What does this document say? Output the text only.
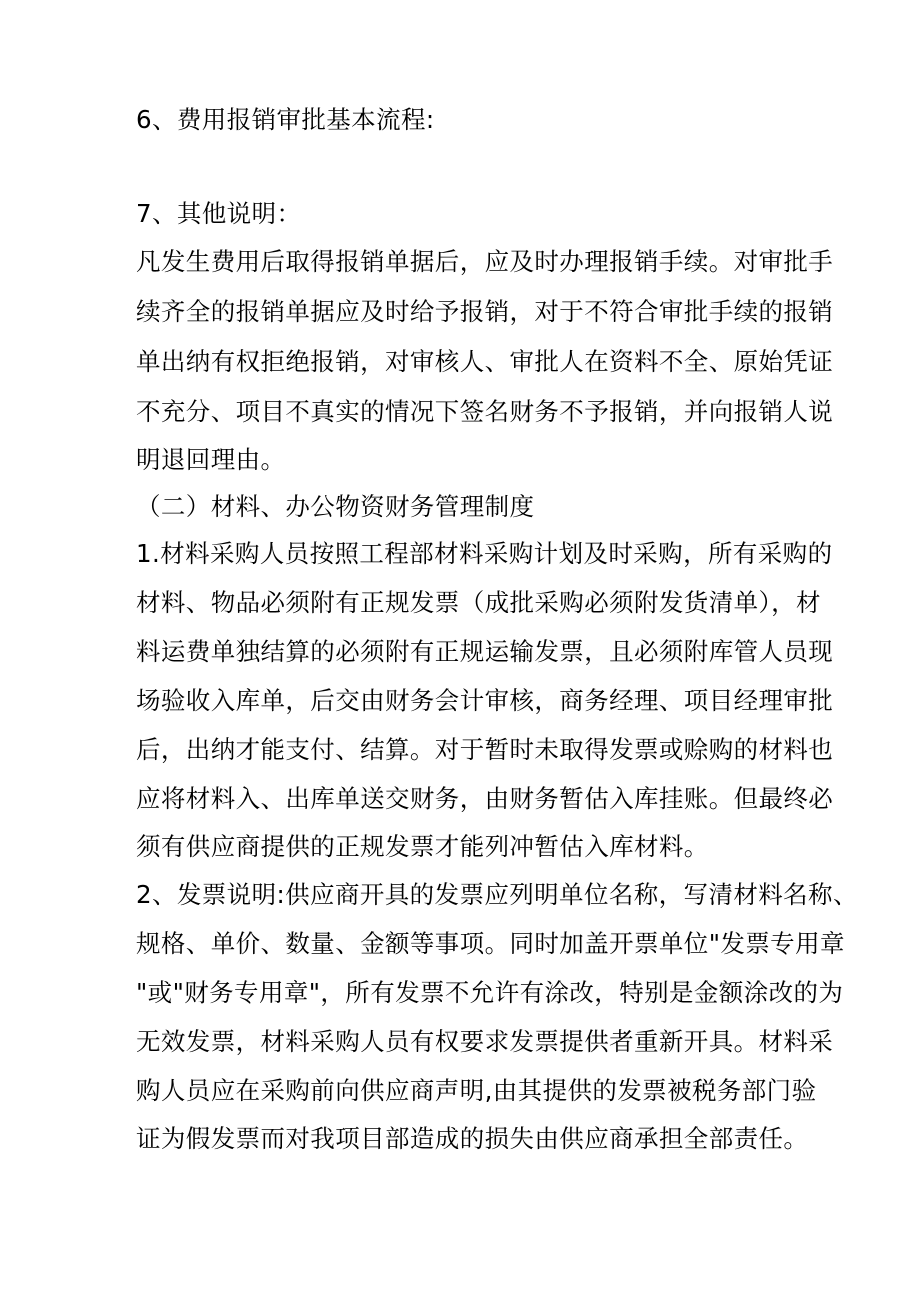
6、费用报销审批基本流程:
7、其他说明：
凡发生费用后取得报销单据后，应及时办理报销手续。对审批手
续齐全的报销单据应及时给予报销，对于不符合审批手续的报销
单出纳有权拒绝报销，对审核人、审批人在资料不全、原始凭证
不充分、项目不真实的情况下签名财务不予报销，并向报销人说
明退回理由。
（二）材料、办公物资财务管理制度
1.材料采购人员按照工程部材料采购计划及时采购，所有采购的
材料、物品必须附有正规发票（成批采购必须附发货清单），材
料运费单独结算的必须附有正规运输发票，且必须附库管人员现
场验收入库单，后交由财务会计审核，商务经理、项目经理审批
后，出纳才能支付、结算。对于暂时未取得发票或赊购的材料也
应将材料入、出库单送交财务，由财务暂估入库挂账。但最终必
须有供应商提供的正规发票才能列冲暂估入库材料。
2、发票说明:供应商开具的发票应列明单位名称，写清材料名称、
规格、单价、数量、金额等事项。同时加盖开票单位"发票专用章
"或"财务专用章"，所有发票不允许有涂改，特别是金额涂改的为
无效发票，材料采购人员有权要求发票提供者重新开具。材料采
购人员应在采购前向供应商声明,由其提供的发票被税务部门验
证为假发票而对我项目部造成的损失由供应商承担全部责任。
